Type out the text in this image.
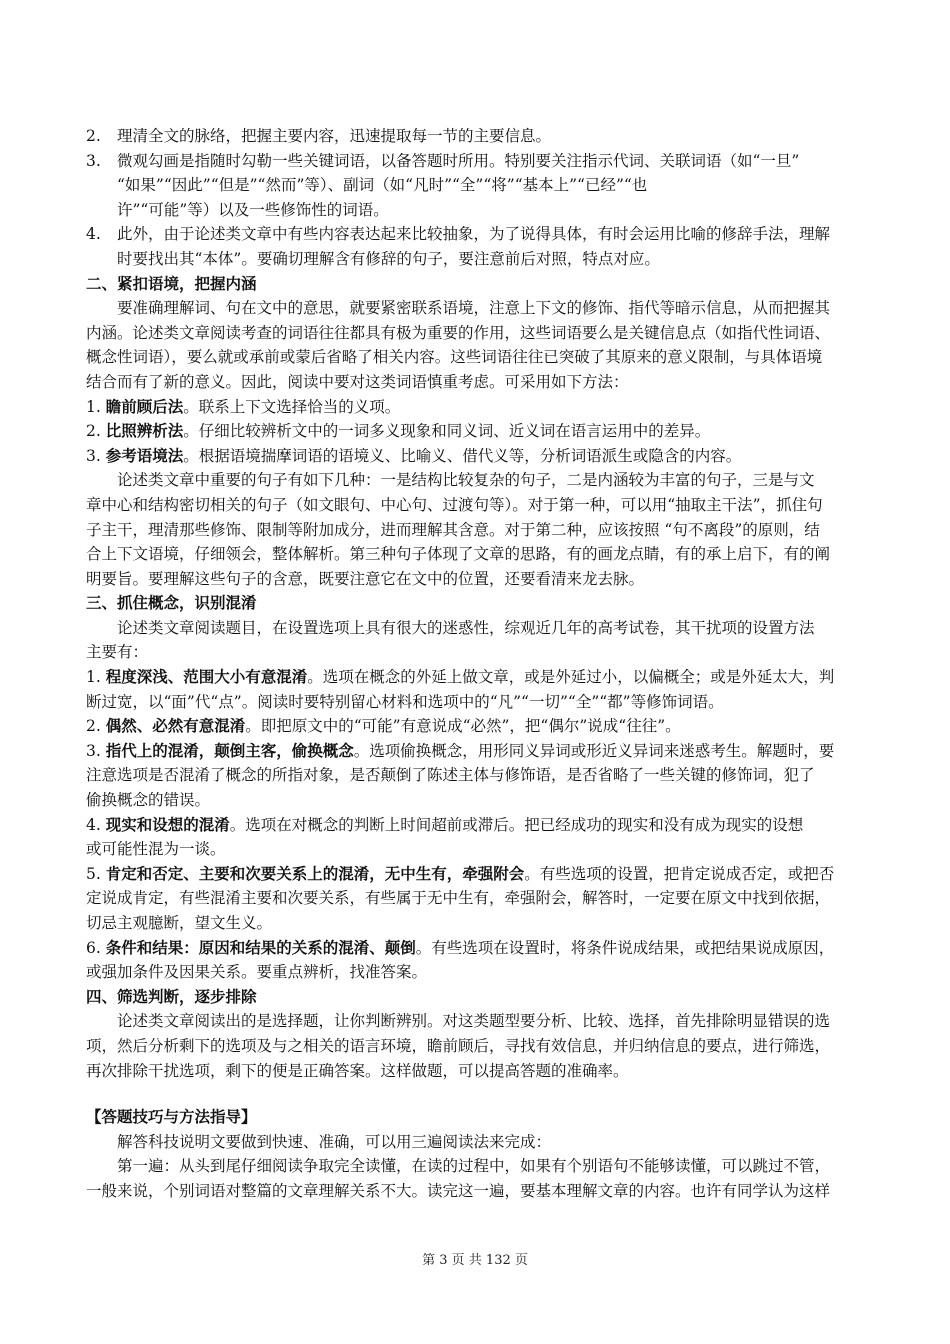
2. 理清全文的脉络，把握主要内容，迅速提取每一节的主要信息。
3. 微观勾画是指随时勾勒一些关键词语，以备答题时所用。特别要关注指示代词、关联词语（如“一旦”
“如果”“因此”“但是”“然而”等）、副词（如“凡时”“全”“将”“基本上”“已经”“也
许”“可能”等）以及一些修饰性的词语。
4. 此外，由于论述类文章中有些内容表达起来比较抽象，为了说得具体，有时会运用比喻的修辞手法，理解
时要找出其“本体”。要确切理解含有修辞的句子，要注意前后对照，特点对应。
二、紧扣语境，把握内涵
要准确理解词、句在文中的意思，就要紧密联系语境，注意上下文的修饰、指代等暗示信息，从而把握其
内涵。论述类文章阅读考查的词语往往都具有极为重要的作用，这些词语要么是关键信息点（如指代性词语、
概念性词语），要么就或承前或蒙后省略了相关内容。这些词语往往已突破了其原来的意义限制，与具体语境
结合而有了新的意义。因此，阅读中要对这类词语慎重考虑。可采用如下方法：
1. 瞻前顾后法。联系上下文选择恰当的义项。
2. 比照辨析法。仔细比较辨析文中的一词多义现象和同义词、近义词在语言运用中的差异。
3. 参考语境法。根据语境揣摩词语的语境义、比喻义、借代义等，分析词语派生或隐含的内容。
论述类文章中重要的句子有如下几种：一是结构比较复杂的句子，二是内涵较为丰富的句子，三是与文
章中心和结构密切相关的句子（如文眼句、中心句、过渡句等）。对于第一种，可以用“抽取主干法”，抓住句
子主干，理清那些修饰、限制等附加成分，进而理解其含意。对于第二种，应该按照 “句不离段”的原则，结
合上下文语境，仔细领会，整体解析。第三种句子体现了文章的思路，有的画龙点睛，有的承上启下，有的阐
明要旨。要理解这些句子的含意，既要注意它在文中的位置，还要看清来龙去脉。
三、抓住概念，识别混淆
论述类文章阅读题目，在设置选项上具有很大的迷惑性，综观近几年的高考试卷，其干扰项的设置方法
主要有：
1. 程度深浅、范围大小有意混淆。选项在概念的外延上做文章，或是外延过小，以偏概全；或是外延太大，判
断过宽，以“面”代“点”。阅读时要特别留心材料和选项中的“凡”“一切”“全”“都”等修饰词语。
2. 偶然、必然有意混淆。即把原文中的“可能”有意说成“必然”，把“偶尔”说成“往往”。
3. 指代上的混淆，颠倒主客，偷换概念。选项偷换概念，用形同义异词或形近义异词来迷惑考生。解题时，要
注意选项是否混淆了概念的所指对象，是否颠倒了陈述主体与修饰语，是否省略了一些关键的修饰词，犯了
偷换概念的错误。
4. 现实和设想的混淆。选项在对概念的判断上时间超前或滞后。把已经成功的现实和没有成为现实的设想
或可能性混为一谈。
5. 肯定和否定、主要和次要关系上的混淆，无中生有，牵强附会。有些选项的设置，把肯定说成否定，或把否
定说成肯定，有些混淆主要和次要关系，有些属于无中生有，牵强附会，解答时，一定要在原文中找到依据，
切忌主观臆断，望文生义。
6. 条件和结果：原因和结果的关系的混淆、颠倒。有些选项在设置时，将条件说成结果，或把结果说成原因，
或强加条件及因果关系。要重点辨析，找准答案。
四、筛选判断，逐步排除
论述类文章阅读出的是选择题，让你判断辨别。对这类题型要分析、比较、选择，首先排除明显错误的选
项，然后分析剩下的选项及与之相关的语言环境，瞻前顾后，寻找有效信息，并归纳信息的要点，进行筛选，
再次排除干扰选项，剩下的便是正确答案。这样做题，可以提高答题的准确率。
【答题技巧与方法指导】
解答科技说明文要做到快速、准确，可以用三遍阅读法来完成：
第一遍：从头到尾仔细阅读争取完全读懂，在读的过程中，如果有个别语句不能够读懂，可以跳过不管，
一般来说，个别词语对整篇的文章理解关系不大。读完这一遍，要基本理解文章的内容。也许有同学认为这样
第 3 页 共 132 页
